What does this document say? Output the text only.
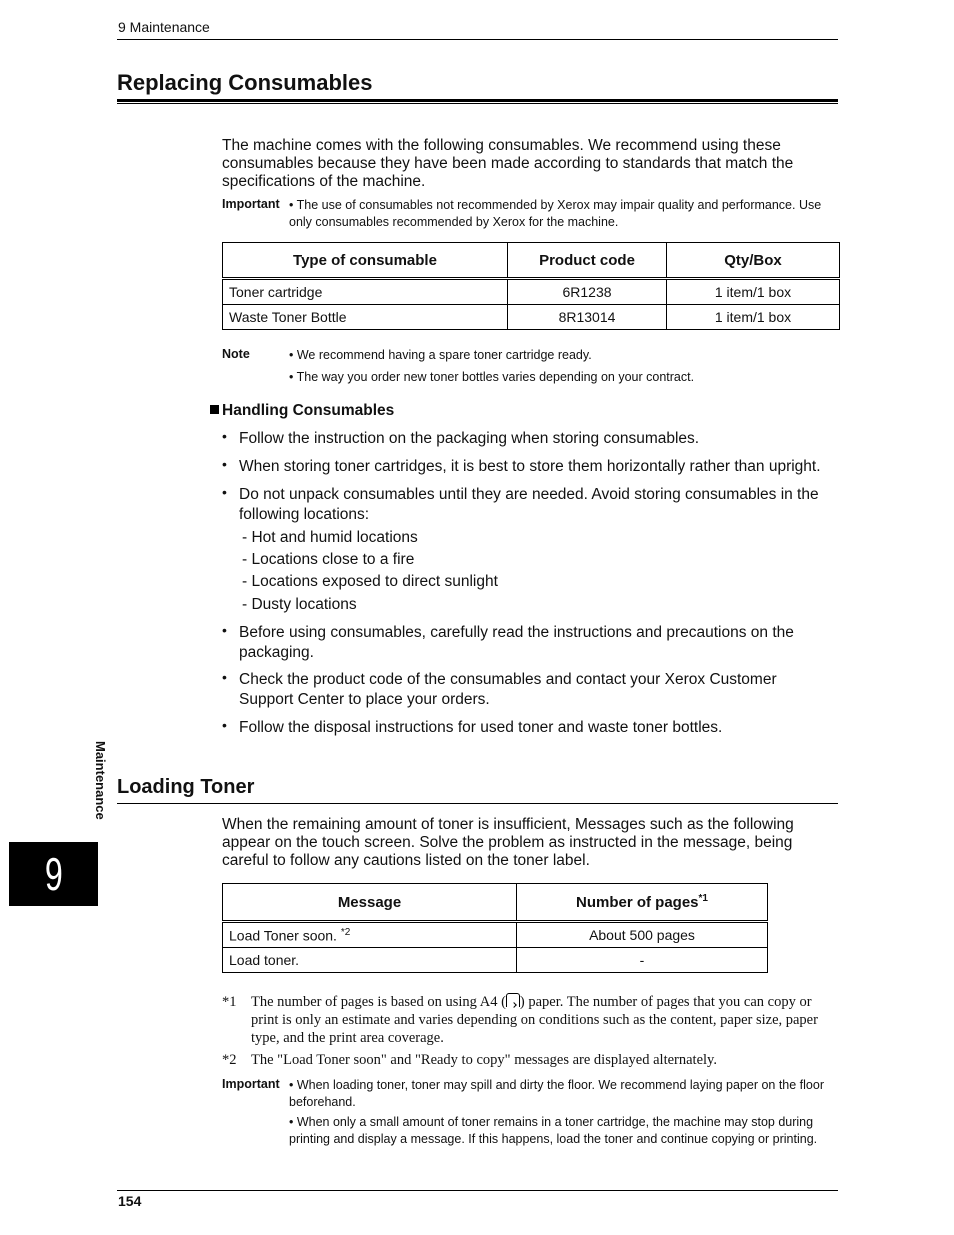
9 Maintenance
Replacing Consumables
The machine comes with the following consumables. We recommend using these consumables because they have been made according to standards that match the specifications of the machine.
Important • The use of consumables not recommended by Xerox may impair quality and performance. Use only consumables recommended by Xerox for the machine.
Type of consumable	Product code	Qty/Box
Toner cartridge	6R1238	1 item/1 box
Waste Toner Bottle	8R13014	1 item/1 box
Note	• We recommend having a spare toner cartridge ready.
• The way you order new toner bottles varies depending on your contract.
Handling Consumables
• Follow the instruction on the packaging when storing consumables.
• When storing toner cartridges, it is best to store them horizontally rather than upright.
• Do not unpack consumables until they are needed. Avoid storing consumables in the following locations:
- Hot and humid locations
- Locations close to a fire
- Locations exposed to direct sunlight
- Dusty locations
• Before using consumables, carefully read the instructions and precautions on the packaging.
• Check the product code of the consumables and contact your Xerox Customer Support Center to place your orders.
• Follow the disposal instructions for used toner and waste toner bottles.
Loading Toner
When the remaining amount of toner is insufficient, Messages such as the following appear on the touch screen. Solve the problem as instructed in the message, being careful to follow any cautions listed on the toner label.
Message	Number of pages$^{*1}$
Load Toner soon. $^{*2}$	About 500 pages
Load toner.	-
*1 The number of pages is based on using A4 ( ) paper. The number of pages that you can copy or print is only an estimate and varies depending on conditions such as the content, paper size, paper type, and the print area coverage.
*2 The "Load Toner soon" and "Ready to copy" messages are displayed alternately.
Important • When loading toner, toner may spill and dirty the floor. We recommend laying paper on the floor beforehand.
• When only a small amount of toner remains in a toner cartridge, the machine may stop during printing and display a message. If this happens, load the toner and continue copying or printing.
Maintenance
9
154
